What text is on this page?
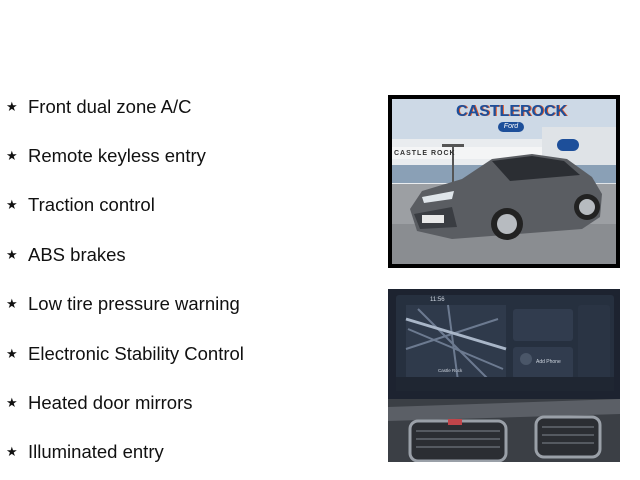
★ Front dual zone A/C
★ Remote keyless entry
★ Traction control
★ ABS brakes
★ Low tire pressure warning
★ Electronic Stability Control
★ Heated door mirrors
★ Illuminated entry
CASTLEROCK
Ford
CASTLE ROCK
11:56
Add Phone
Castle Rock
